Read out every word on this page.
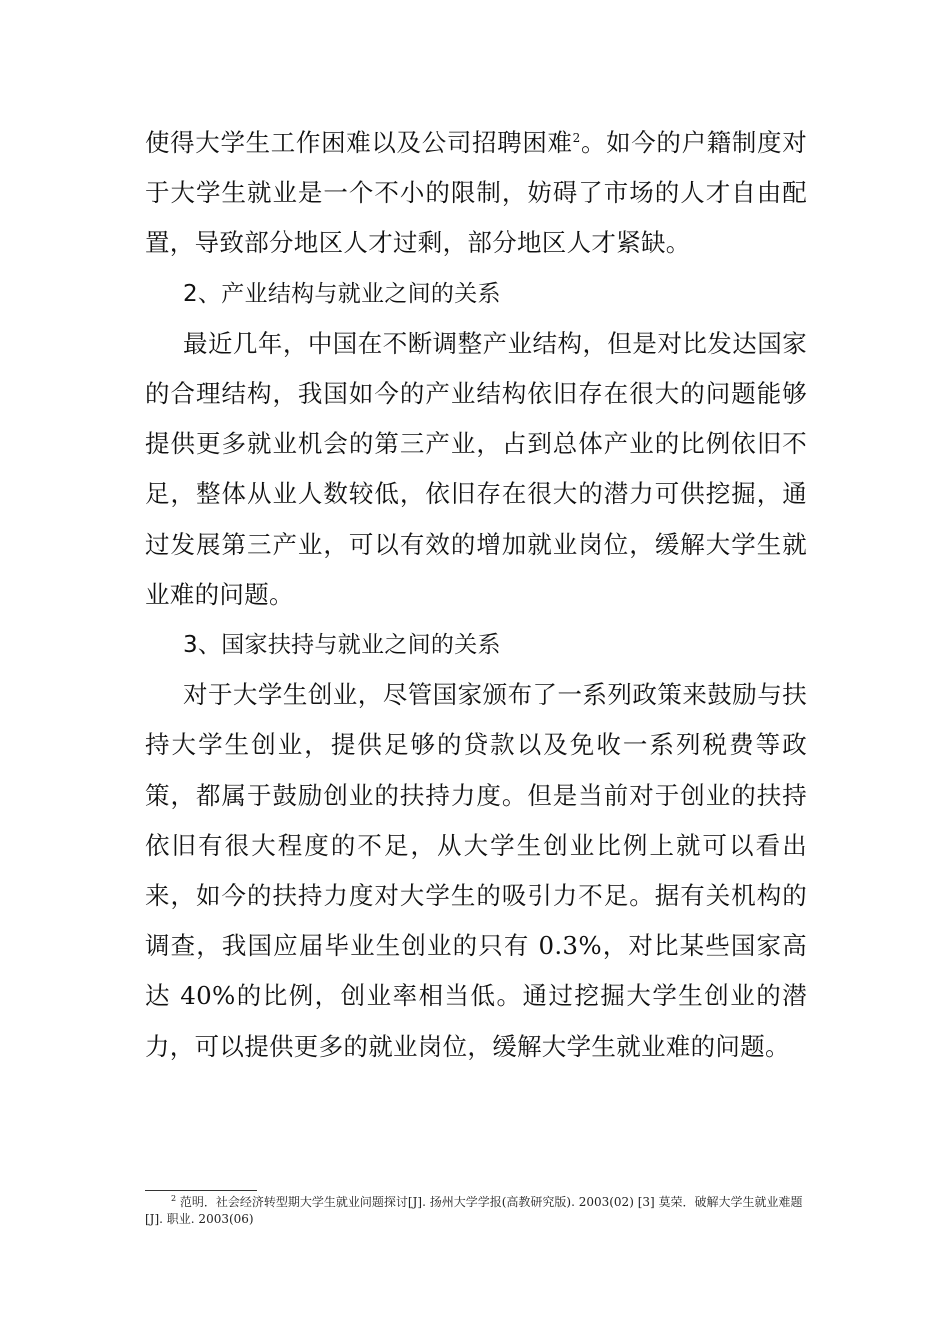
使得大学生工作困难以及公司招聘困难$^2$。如今的户籍制度对于大学生就业是一个不小的限制，妨碍了市场的人才自由配置，导致部分地区人才过剩，部分地区人才紧缺。

2、产业结构与就业之间的关系

最近几年，中国在不断调整产业结构，但是对比发达国家的合理结构，我国如今的产业结构依旧存在很大的问题能够提供更多就业机会的第三产业，占到总体产业的比例依旧不足，整体从业人数较低，依旧存在很大的潜力可供挖掘，通过发展第三产业，可以有效的增加就业岗位，缓解大学生就业难的问题。

3、国家扶持与就业之间的关系

对于大学生创业，尽管国家颁布了一系列政策来鼓励与扶持大学生创业，提供足够的贷款以及免收一系列税费等政策，都属于鼓励创业的扶持力度。但是当前对于创业的扶持依旧有很大程度的不足，从大学生创业比例上就可以看出来，如今的扶持力度对大学生的吸引力不足。据有关机构的调查，我国应届毕业生创业的只有 0.3%，对比某些国家高达 40%的比例，创业率相当低。通过挖掘大学生创业的潜力，可以提供更多的就业岗位，缓解大学生就业难的问题。

$^2$ 范明．社会经济转型期大学生就业问题探讨[J]. 扬州大学学报(高教研究版). 2003(02) [3] 莫荣．破解大学生就业难题[J]. 职业. 2003(06)
